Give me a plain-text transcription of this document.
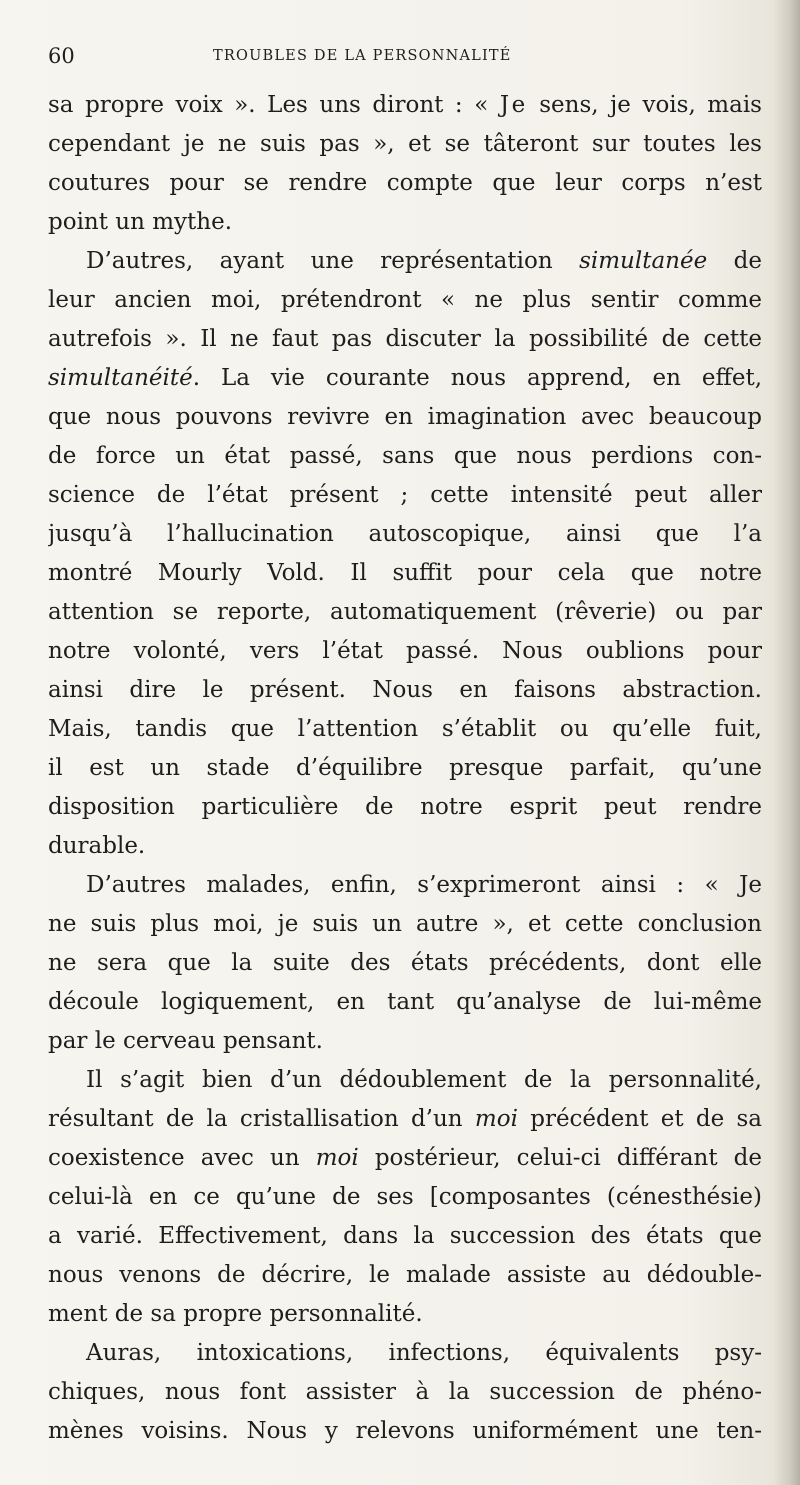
60	TROUBLES DE LA PERSONNALITÉ
sa propre voix ». Les uns diront : « Je sens, je vois, mais
cependant je ne suis pas », et se tâteront sur toutes les
coutures pour se rendre compte que leur corps n’est
point un mythe.
D’autres, ayant une représentation simultanée de
leur ancien moi, prétendront « ne plus sentir comme
autrefois ». Il ne faut pas discuter la possibilité de cette
simultanéité. La vie courante nous apprend, en effet,
que nous pouvons revivre en imagination avec beaucoup
de force un état passé, sans que nous perdions con-
science de l’état présent ; cette intensité peut aller
jusqu’à l’hallucination autoscopique, ainsi que l’a
montré Mourly Vold. Il suffit pour cela que notre
attention se reporte, automatiquement (rêverie) ou par
notre volonté, vers l’état passé. Nous oublions pour
ainsi dire le présent. Nous en faisons abstraction.
Mais, tandis que l’attention s’établit ou qu’elle fuit,
il est un stade d’équilibre presque parfait, qu’une
disposition particulière de notre esprit peut rendre
durable.
D’autres malades, enfin, s’exprimeront ainsi : « Je
ne suis plus moi, je suis un autre », et cette conclusion
ne sera que la suite des états précédents, dont elle
découle logiquement, en tant qu’analyse de lui-même
par le cerveau pensant.
Il s’agit bien d’un dédoublement de la personnalité,
résultant de la cristallisation d’un moi précédent et de sa
coexistence avec un moi postérieur, celui-ci différant de
celui-là en ce qu’une de ses [composantes (cénesthésie)
a varié. Effectivement, dans la succession des états que
nous venons de décrire, le malade assiste au dédouble-
ment de sa propre personnalité.
Auras, intoxications, infections, équivalents psy-
chiques, nous font assister à la succession de phéno-
mènes voisins. Nous y relevons uniformément une ten-
